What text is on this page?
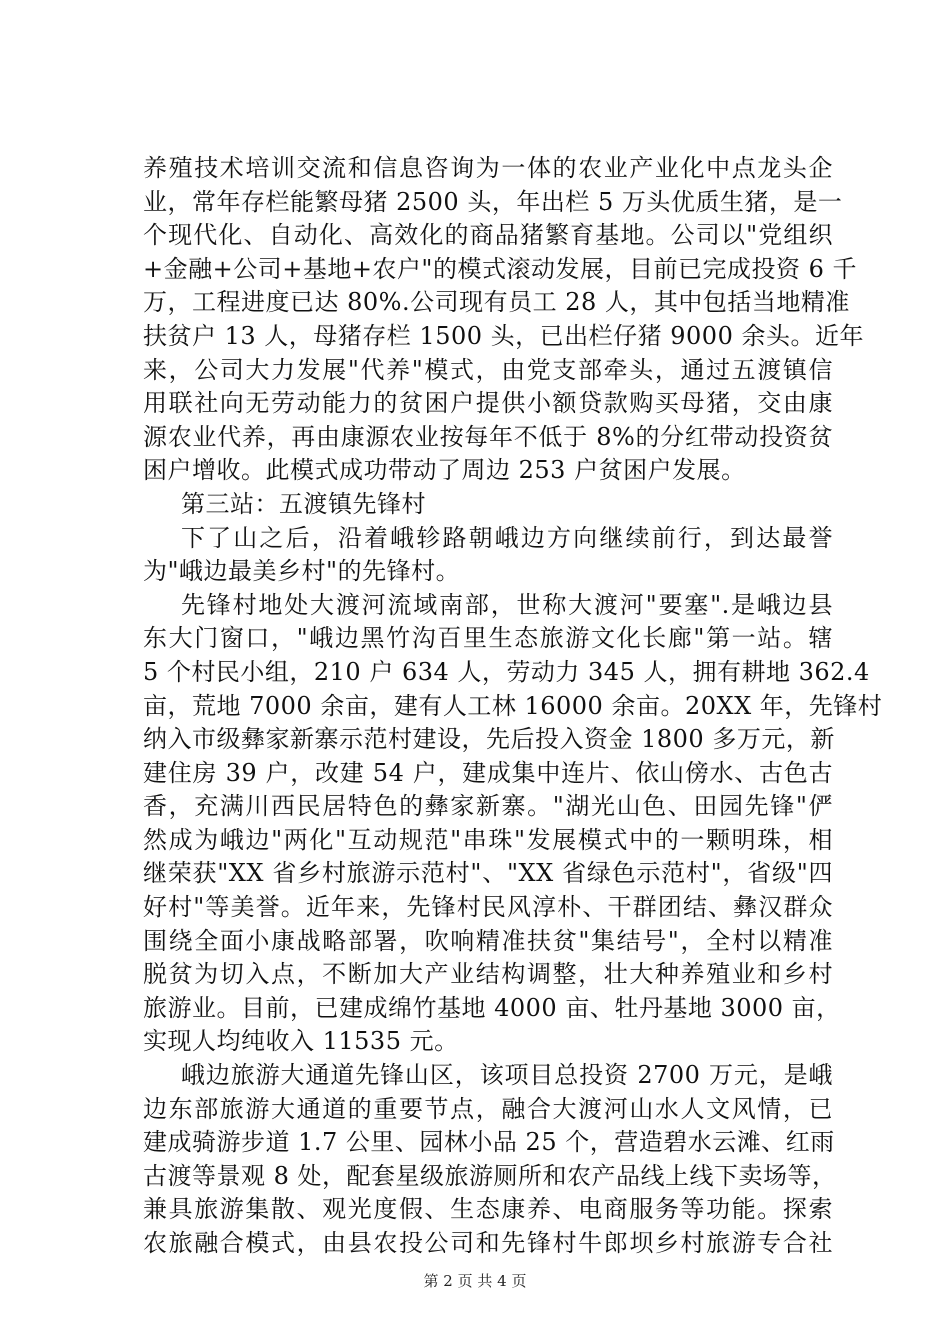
养殖技术培训交流和信息咨询为一体的农业产业化中点龙头企
业，常年存栏能繁母猪 2500 头，年出栏 5 万头优质生猪，是一
个现代化、自动化、高效化的商品猪繁育基地。公司以"党组织
+金融+公司+基地+农户"的模式滚动发展，目前已完成投资 6 千
万，工程进度已达 80%.公司现有员工 28 人，其中包括当地精准
扶贫户 13 人，母猪存栏 1500 头，已出栏仔猪 9000 余头。近年
来，公司大力发展"代养"模式，由党支部牵头，通过五渡镇信
用联社向无劳动能力的贫困户提供小额贷款购买母猪，交由康
源农业代养，再由康源农业按每年不低于 8%的分红带动投资贫
困户增收。此模式成功带动了周边 253 户贫困户发展。
第三站：五渡镇先锋村
下了山之后，沿着峨轸路朝峨边方向继续前行，到达最誉
为"峨边最美乡村"的先锋村。
先锋村地处大渡河流域南部，世称大渡河"要塞".是峨边县
东大门窗口，"峨边黑竹沟百里生态旅游文化长廊"第一站。辖
5 个村民小组，210 户 634 人，劳动力 345 人，拥有耕地 362.4
亩，荒地 7000 余亩，建有人工林 16000 余亩。20XX 年，先锋村
纳入市级彝家新寨示范村建设，先后投入资金 1800 多万元，新
建住房 39 户，改建 54 户，建成集中连片、依山傍水、古色古
香，充满川西民居特色的彝家新寨。"湖光山色、田园先锋"俨
然成为峨边"两化"互动规范"串珠"发展模式中的一颗明珠，相
继荣获"XX 省乡村旅游示范村"、"XX 省绿色示范村"，省级"四
好村"等美誉。近年来，先锋村民风淳朴、干群团结、彝汉群众
围绕全面小康战略部署，吹响精准扶贫"集结号"，全村以精准
脱贫为切入点，不断加大产业结构调整，壮大种养殖业和乡村
旅游业。目前，已建成绵竹基地 4000 亩、牡丹基地 3000 亩，
实现人均纯收入 11535 元。
峨边旅游大通道先锋山区，该项目总投资 2700 万元，是峨
边东部旅游大通道的重要节点，融合大渡河山水人文风情，已
建成骑游步道 1.7 公里、园林小品 25 个，营造碧水云滩、红雨
古渡等景观 8 处，配套星级旅游厕所和农产品线上线下卖场等，
兼具旅游集散、观光度假、生态康养、电商服务等功能。探索
农旅融合模式，由县农投公司和先锋村牛郎坝乡村旅游专合社
第 2 页 共 4 页
